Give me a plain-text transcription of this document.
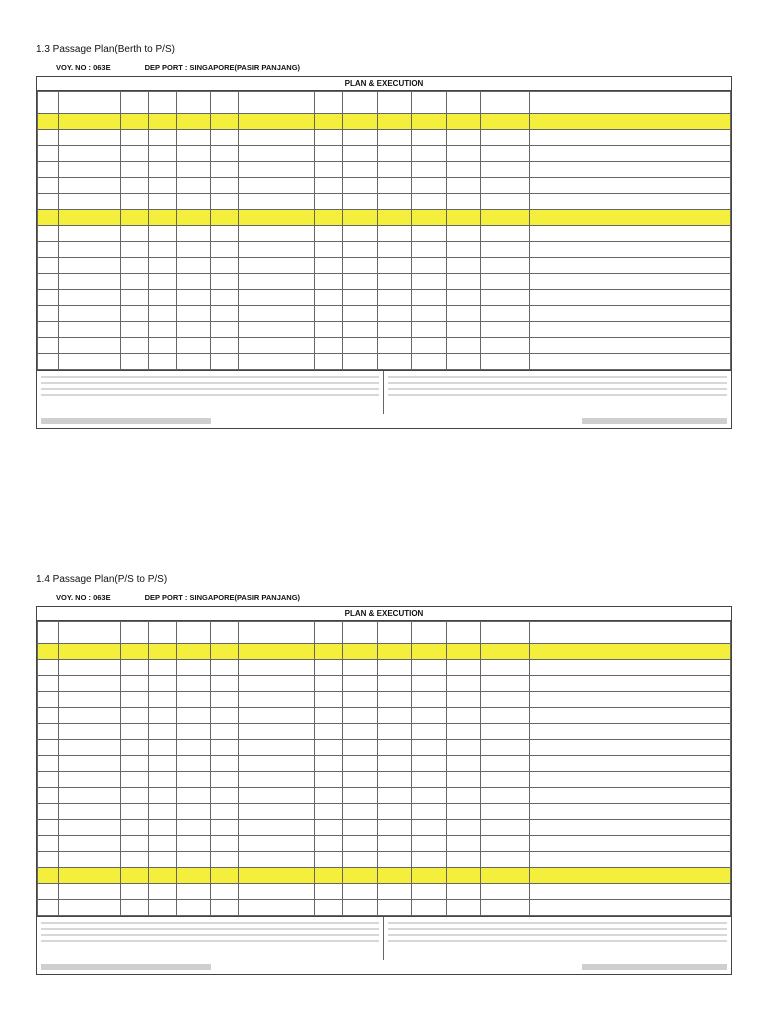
1.3 Passage Plan(Berth to P/S)
VOY. NO : 063E	DEP PORT : SINGAPORE(PASIR PANJANG)
PLAN & EXECUTION

1.4 Passage Plan(P/S to P/S)
VOY. NO : 063E	DEP PORT : SINGAPORE(PASIR PANJANG)
PLAN & EXECUTION
